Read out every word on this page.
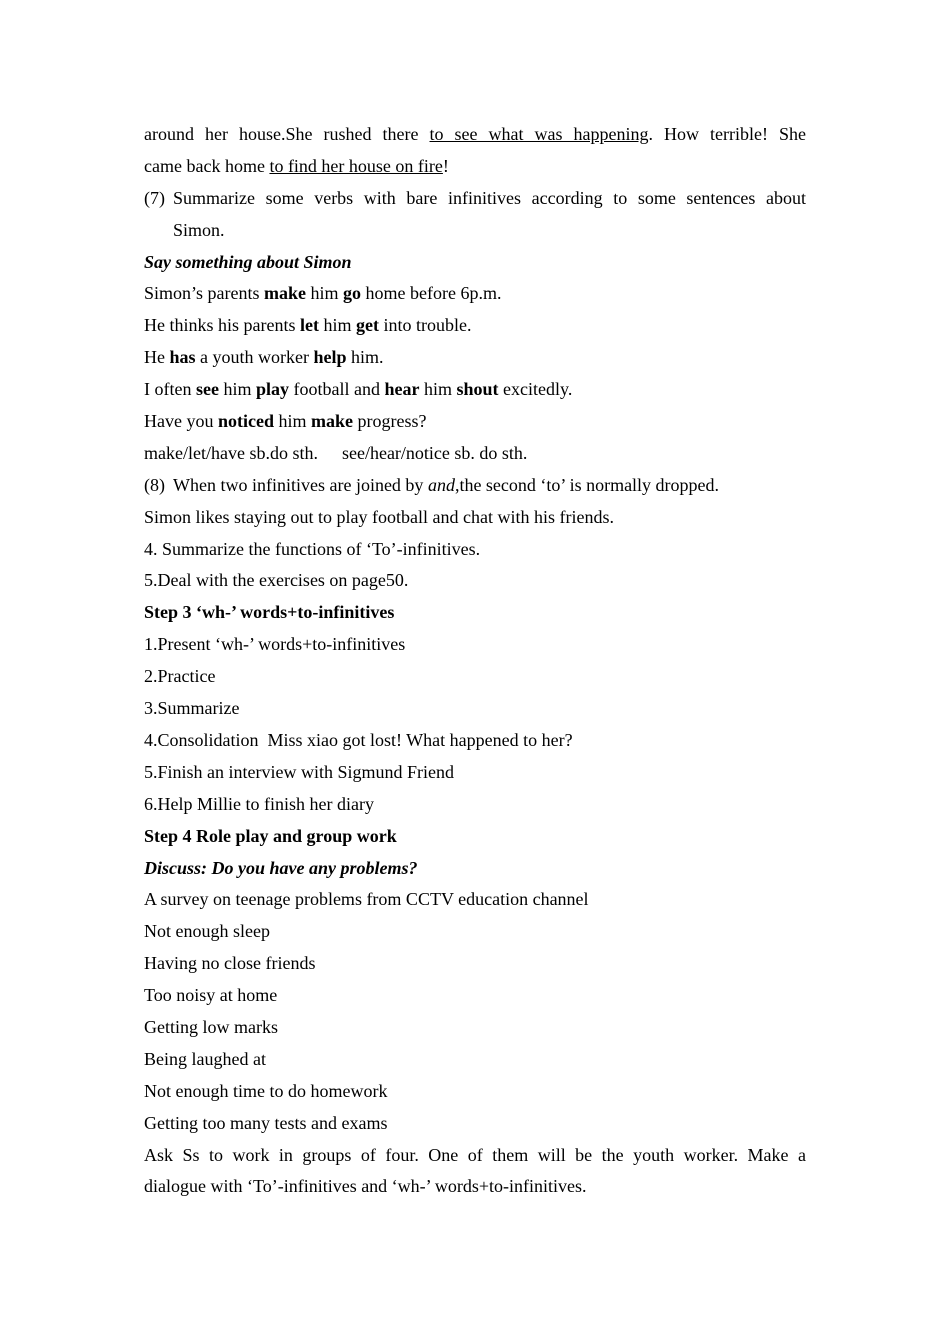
around her house.She rushed there to see what was happening. How terrible! She
came back home to find her house on fire!
(7) Summarize some verbs with bare infinitives according to some sentences about
Simon.
Say something about Simon
Simon’s parents make him go home before 6p.m.
He thinks his parents let him get into trouble.
He has a youth worker help him.
I often see him play football and hear him shout excitedly.
Have you noticed him make progress?
make/let/have sb.do sth. see/hear/notice sb. do sth.
(8) When two infinitives are joined by and,the second ‘to’ is normally dropped.
Simon likes staying out to play football and chat with his friends.
4. Summarize the functions of ‘To’-infinitives.
5.Deal with the exercises on page50.
Step 3 ‘wh-’ words+to-infinitives
1.Present ‘wh-’ words+to-infinitives
2.Practice
3.Summarize
4.Consolidation  Miss xiao got lost! What happened to her?
5.Finish an interview with Sigmund Friend
6.Help Millie to finish her diary
Step 4 Role play and group work
Discuss: Do you have any problems?
A survey on teenage problems from CCTV education channel
Not enough sleep
Having no close friends
Too noisy at home
Getting low marks
Being laughed at
Not enough time to do homework
Getting too many tests and exams
Ask Ss to work in groups of four. One of them will be the youth worker. Make a
dialogue with ‘To’-infinitives and ‘wh-’ words+to-infinitives.
